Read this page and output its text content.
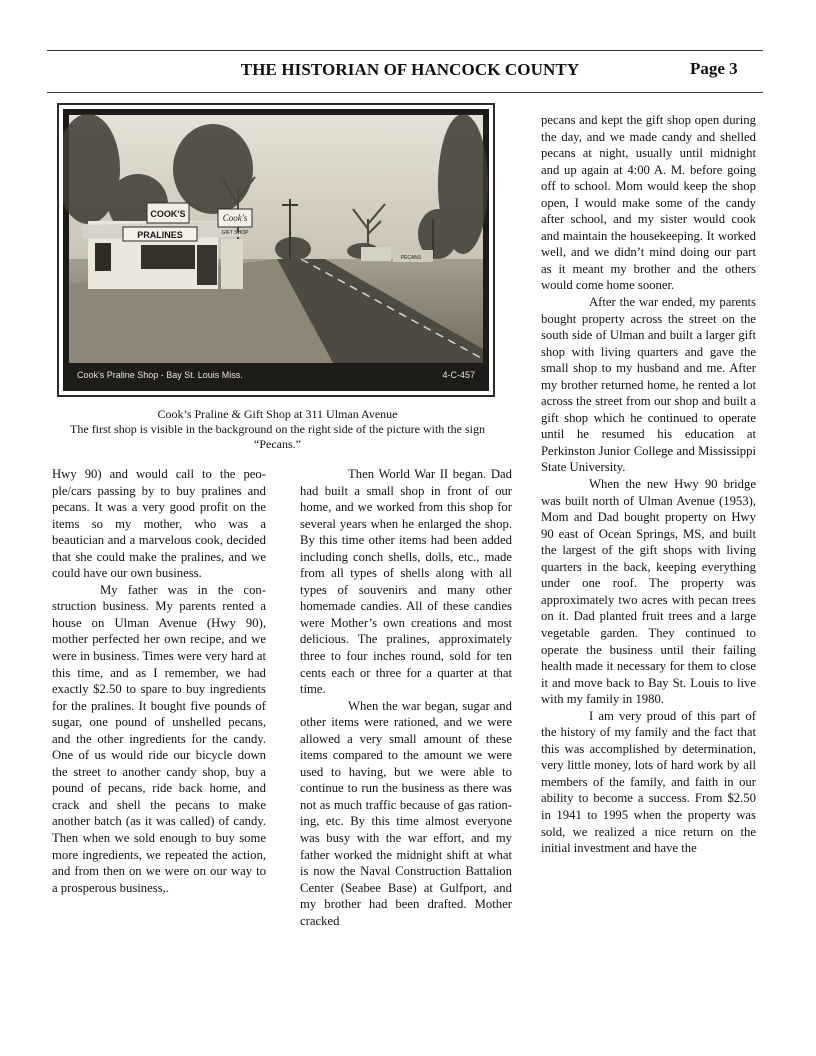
THE HISTORIAN OF HANCOCK COUNTY	Page 3
COOK'S
PRALINES
Cook's
GIFT SHOP
PECANS
Cook's Praline Shop - Bay St. Louis Miss.	4-C-457
Cook’s Praline & Gift Shop at 311 Ulman Avenue
The first shop is visible in the background on the right side of the picture with the sign “Pecans.”

Hwy 90) and would call to the people/cars passing by to buy pralines and pecans. It was a very good profit on the items so my mother, who was a beautician and a marvelous cook, decided that she could make the pralines, and we could have our own business.

My father was in the construction business. My parents rented a house on Ulman Avenue (Hwy 90), mother perfected her own recipe, and we were in business. Times were very hard at this time, and as I remember, we had exactly $2.50 to spare to buy ingredients for the pralines. It bought five pounds of sugar, one pound of unshelled pecans, and the other ingredients for the candy. One of us would ride our bicycle down the street to another candy shop, buy a pound of pecans, ride back home, and crack and shell the pecans to make another batch (as it was called) of candy. Then when we sold enough to buy some more ingredients, we repeated the action, and from then on we were on our way to a prosperous business,.

Then World War II began. Dad had built a small shop in front of our home, and we worked from this shop for several years when he enlarged the shop. By this time other items had been added including conch shells, dolls, etc., made from all types of shells along with all types of souvenirs and many other homemade candies. All of these candies were Mother’s own creations and most delicious. The pralines, approximately three to four inches round, sold for ten cents each or three for a quarter at that time.

When the war began, sugar and other items were rationed, and we were allowed a very small amount of these items compared to the amount we were used to having, but we were able to continue to run the business as there was not as much traffic because of gas rationing, etc. By this time almost everyone was busy with the war effort, and my father worked the midnight shift at what is now the Naval Construction Battalion Center (Seabee Base) at Gulfport, and my brother had been drafted. Mother cracked

pecans and kept the gift shop open during the day, and we made candy and shelled pecans at night, usually until midnight and up again at 4:00 A. M. before going off to school. Mom would keep the shop open, I would make some of the candy after school, and my sister would cook and maintain the housekeeping. It worked well, and we didn’t mind doing our part as it meant my brother and the others would come home sooner.

After the war ended, my parents bought property across the street on the south side of Ulman and built a larger gift shop with living quarters and gave the small shop to my husband and me. After my brother returned home, he rented a lot across the street from our shop and built a gift shop which he continued to operate until he resumed his education at Perkinston Junior College and Mississippi State University.

When the new Hwy 90 bridge was built north of Ulman Avenue (1953), Mom and Dad bought property on Hwy 90 east of Ocean Springs, MS, and built the largest of the gift shops with living quarters in the back, keeping everything under one roof. The property was approximately two acres with pecan trees on it. Dad planted fruit trees and a large vegetable garden. They continued to operate the business until their failing health made it necessary for them to close it and move back to Bay St. Louis to live with my family in 1980.

I am very proud of this part of the history of my family and the fact that this was accomplished by determination, very little money, lots of hard work by all members of the family, and faith in our ability to become a success. From $2.50 in 1941 to 1995 when the property was sold, we realized a nice return on the initial investment and have the
